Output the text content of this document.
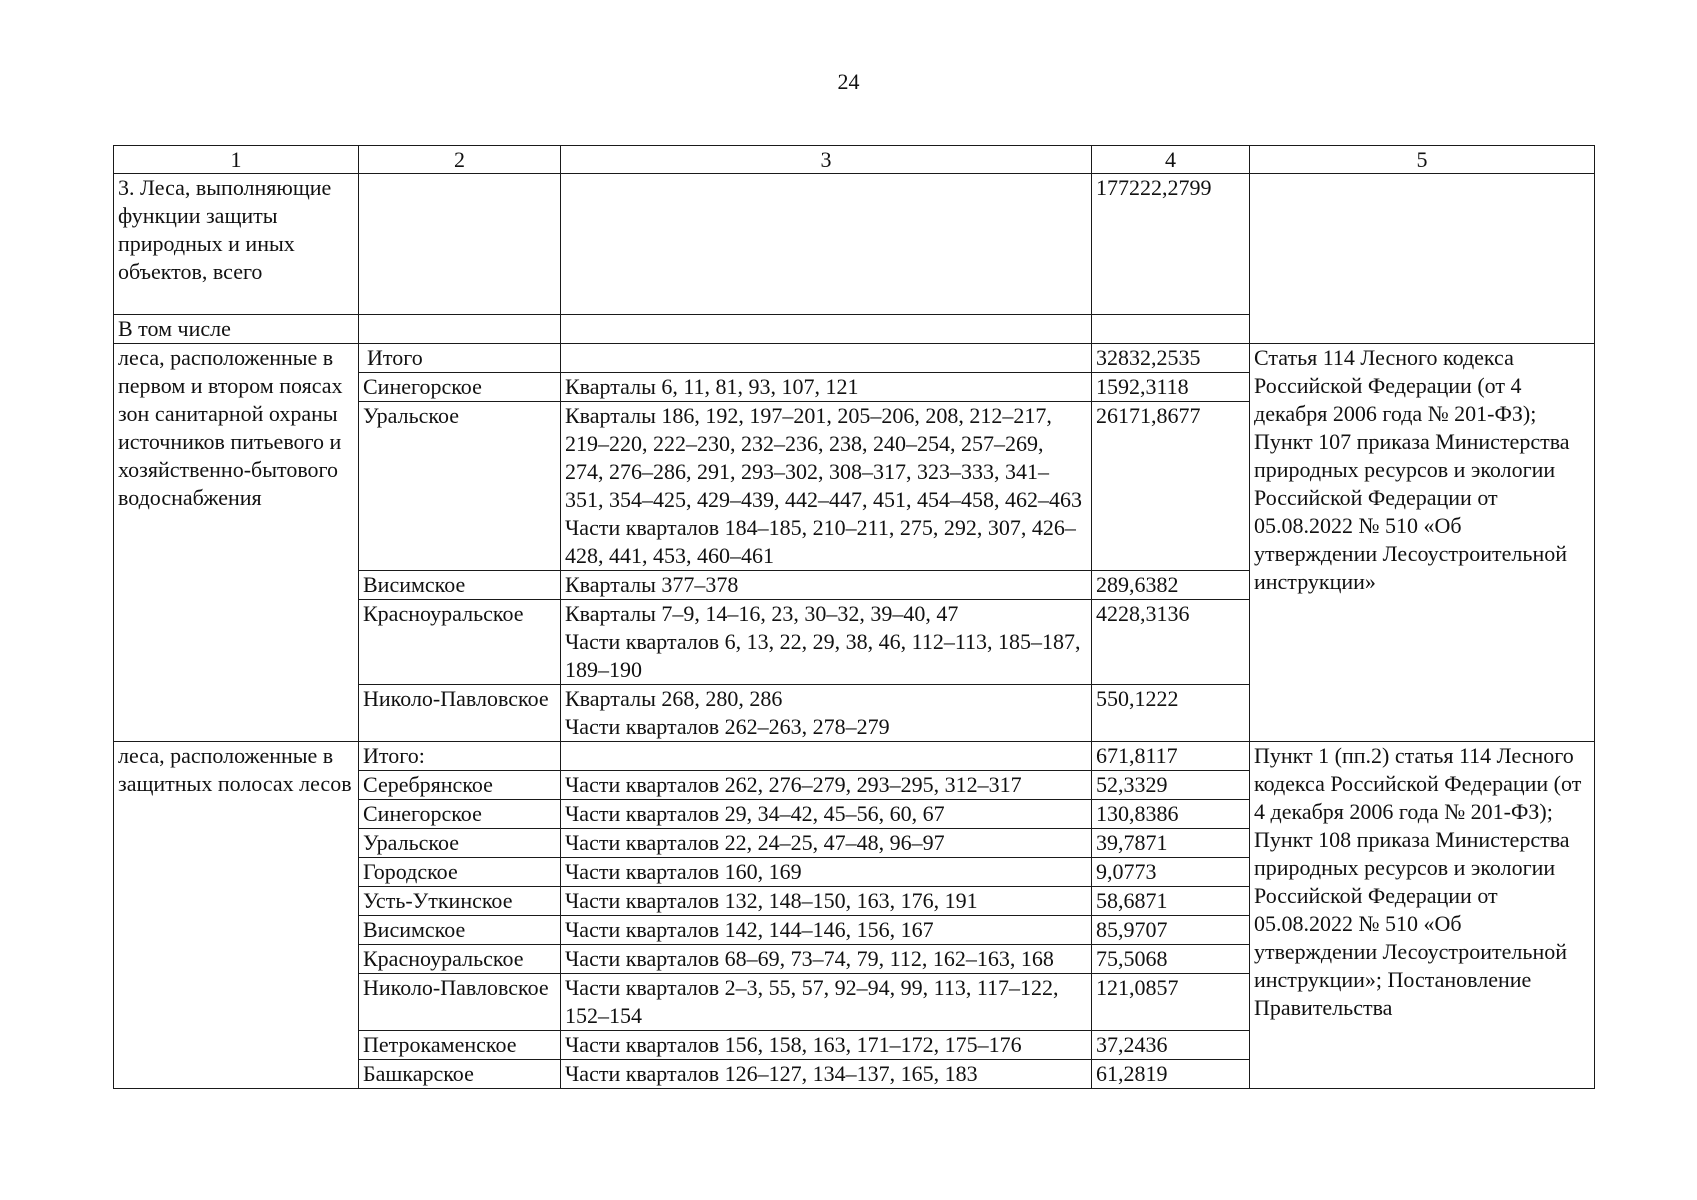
24
1	2	3	4	5
3. Леса, выполняющие функции защиты природных и иных объектов, всего			177222,2799	
В том числе				
леса, расположенные в первом и втором поясах зон санитарной охраны источников питьевого и хозяйственно-бытового водоснабжения	Итого		32832,2535	Статья 114 Лесного кодекса Российской Федерации (от 4 декабря 2006 года № 201-ФЗ); Пункт 107 приказа Министерства природных ресурсов и экологии Российской Федерации от 05.08.2022 № 510 «Об утверждении Лесоустроительной инструкции»
	Синегорское	Кварталы 6, 11, 81, 93, 107, 121	1592,3118	
	Уральское	Кварталы 186, 192, 197–201, 205–206, 208, 212–217, 219–220, 222–230, 232–236, 238, 240–254, 257–269, 274, 276–286, 291, 293–302, 308–317, 323–333, 341–351, 354–425, 429–439, 442–447, 451, 454–458, 462–463
Части кварталов 184–185, 210–211, 275, 292, 307, 426–428, 441, 453, 460–461	26171,8677	
	Висимское	Кварталы 377–378	289,6382	
	Красноуральское	Кварталы 7–9, 14–16, 23, 30–32, 39–40, 47
Части кварталов 6, 13, 22, 29, 38, 46, 112–113, 185–187, 189–190	4228,3136	
	Николо-Павловское	Кварталы 268, 280, 286
Части кварталов 262–263, 278–279	550,1222	
леса, расположенные в защитных полосах лесов	Итого:		671,8117	Пункт 1 (пп.2) статья 114 Лесного кодекса Российской Федерации (от 4 декабря 2006 года № 201-ФЗ); Пункт 108 приказа Министерства природных ресурсов и экологии Российской Федерации от 05.08.2022 № 510 «Об утверждении Лесоустроительной инструкции»; Постановление Правительства
	Серебрянское	Части кварталов 262, 276–279, 293–295, 312–317	52,3329	
	Синегорское	Части кварталов 29, 34–42, 45–56, 60, 67	130,8386	
	Уральское	Части кварталов 22, 24–25, 47–48, 96–97	39,7871	
	Городское	Части кварталов 160, 169	9,0773	
	Усть-Уткинское	Части кварталов 132, 148–150, 163, 176, 191	58,6871	
	Висимское	Части кварталов 142, 144–146, 156, 167	85,9707	
	Красноуральское	Части кварталов 68–69, 73–74, 79, 112, 162–163, 168	75,5068	
	Николо-Павловское	Части кварталов 2–3, 55, 57, 92–94, 99, 113, 117–122, 152–154	121,0857	
	Петрокаменское	Части кварталов 156, 158, 163, 171–172, 175–176	37,2436	
	Башкарское	Части кварталов 126–127, 134–137, 165, 183	61,2819	
